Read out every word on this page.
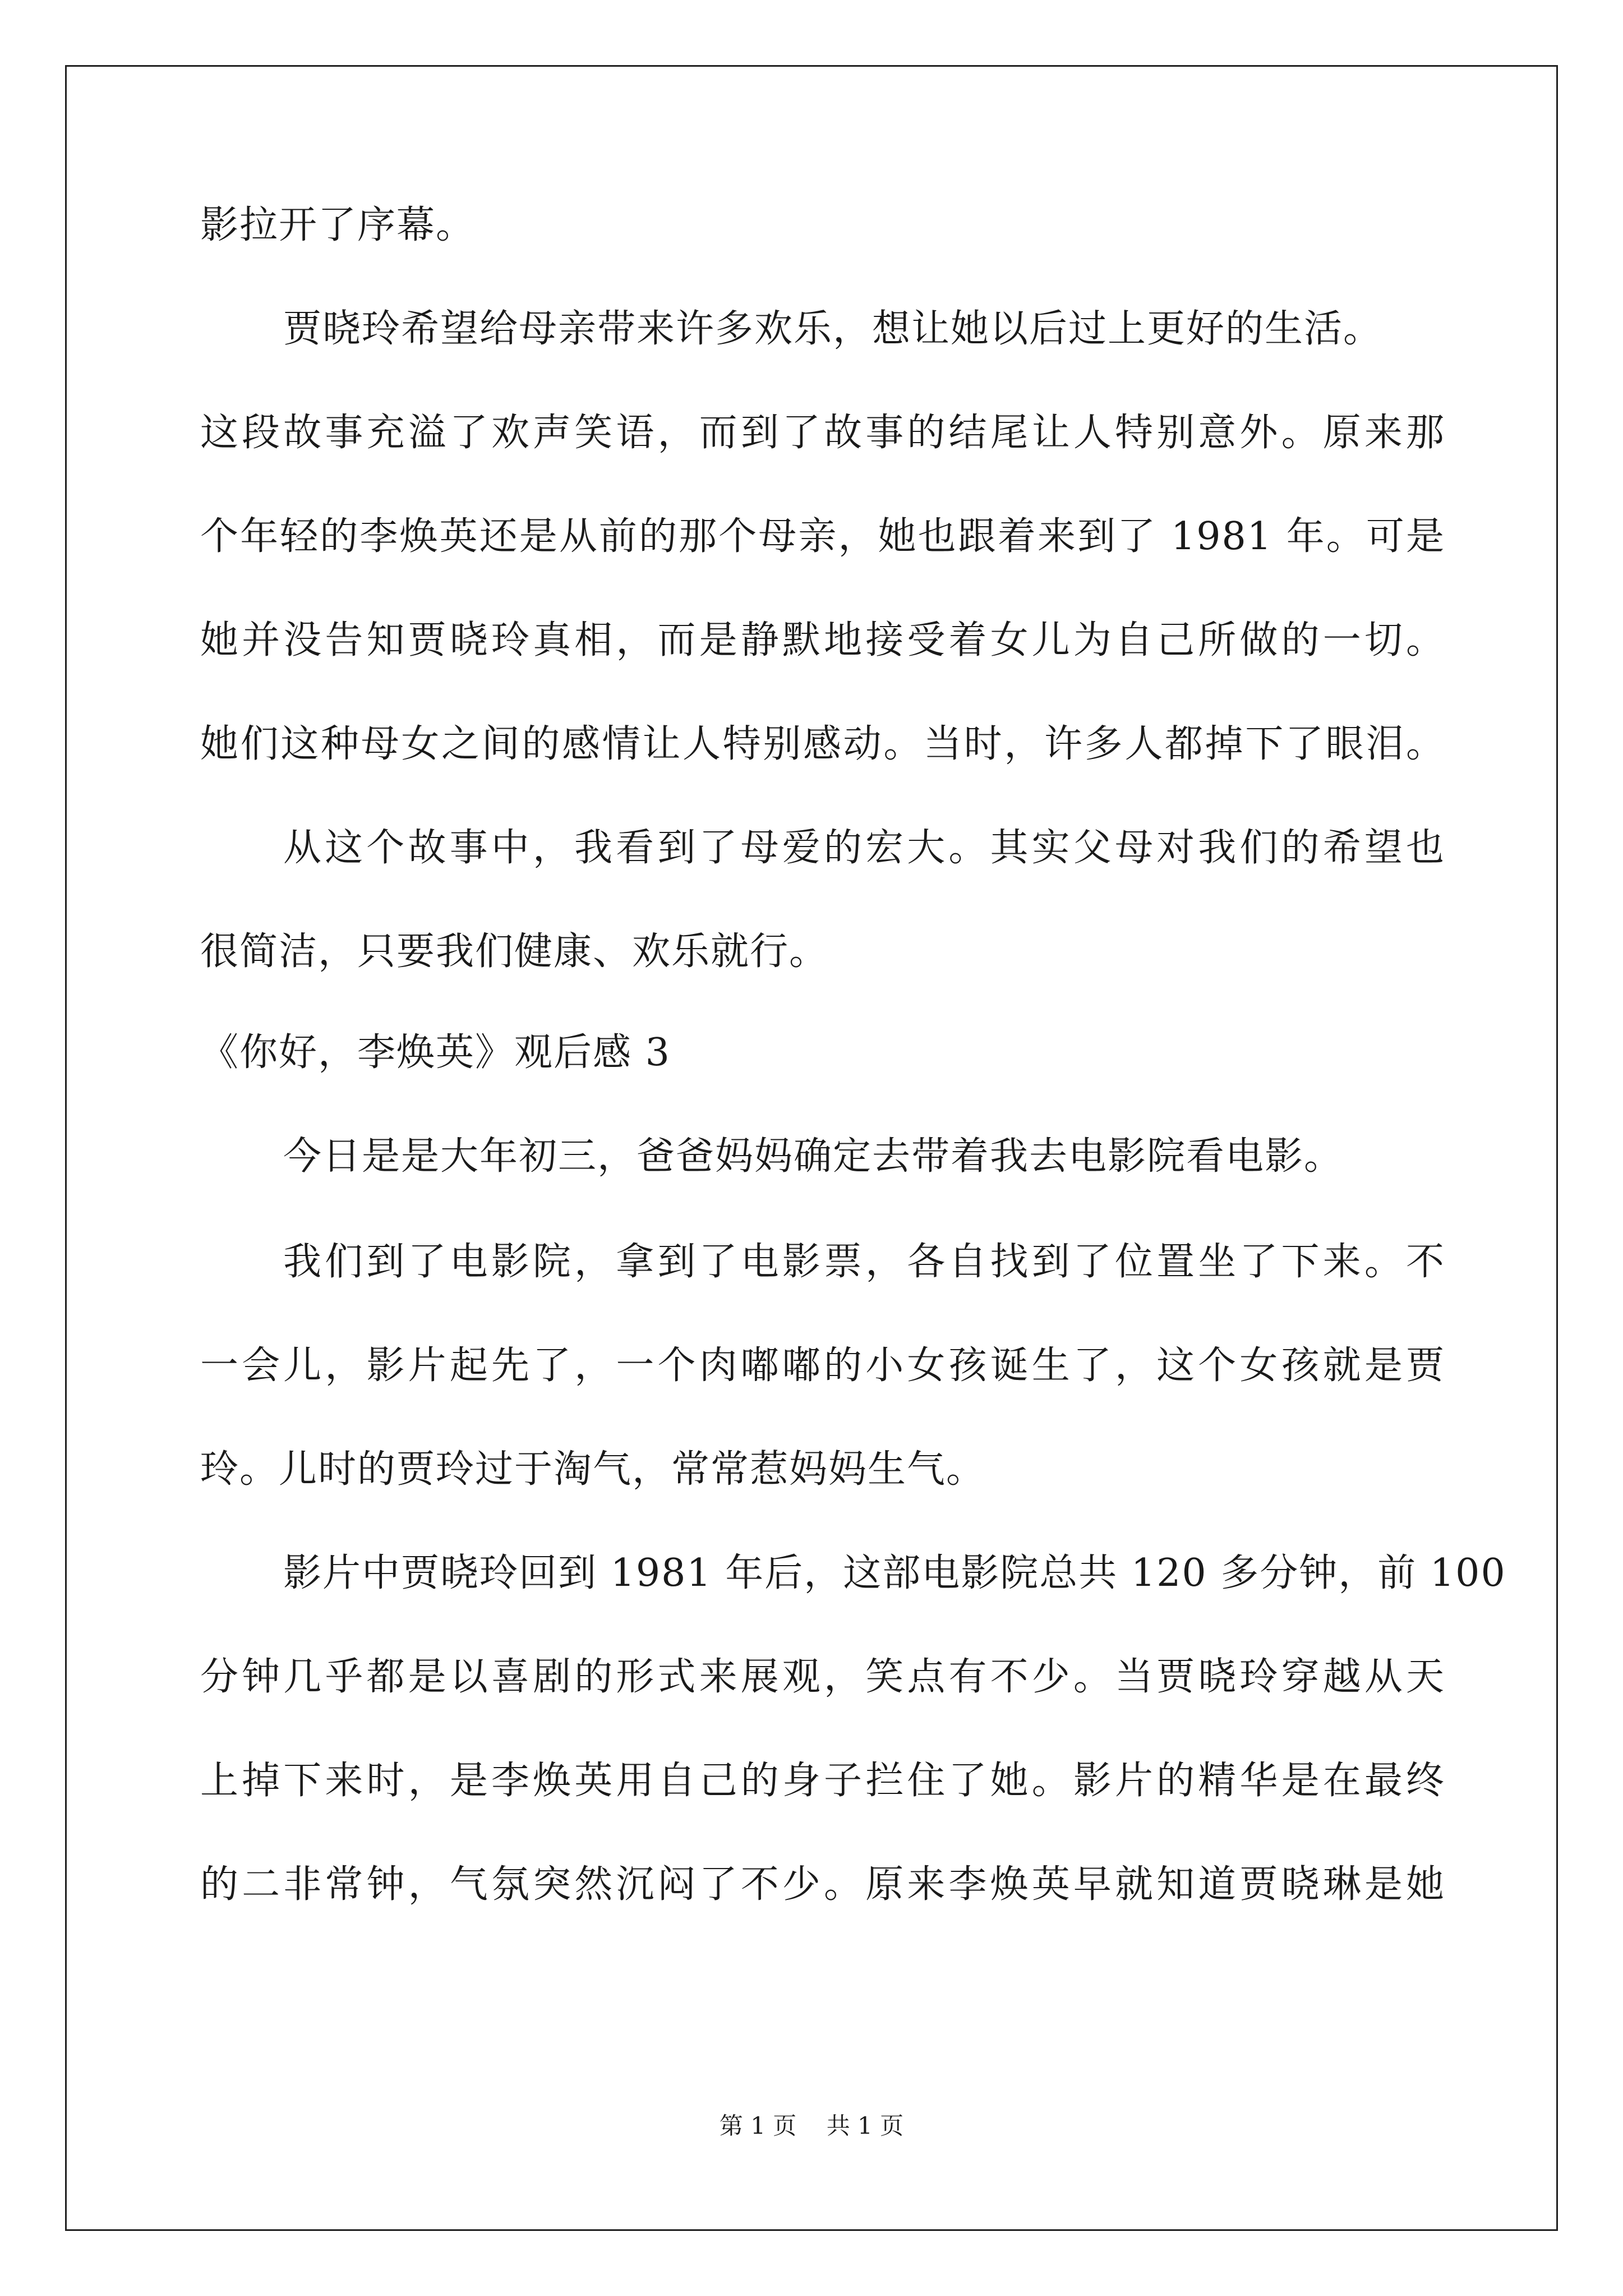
影拉开了序幕。
贾晓玲希望给母亲带来许多欢乐，想让她以后过上更好的生活。
这段故事充溢了欢声笑语，而到了故事的结尾让人特别意外。原来那
个年轻的李焕英还是从前的那个母亲，她也跟着来到了 1981 年。可是
她并没告知贾晓玲真相，而是静默地接受着女儿为自己所做的一切。
她们这种母女之间的感情让人特别感动。当时，许多人都掉下了眼泪。
从这个故事中，我看到了母爱的宏大。其实父母对我们的希望也
很简洁，只要我们健康、欢乐就行。
《你好，李焕英》观后感 3
今日是是大年初三，爸爸妈妈确定去带着我去电影院看电影。
我们到了电影院，拿到了电影票，各自找到了位置坐了下来。不
一会儿，影片起先了，一个肉嘟嘟的小女孩诞生了，这个女孩就是贾
玲。儿时的贾玲过于淘气，常常惹妈妈生气。
影片中贾晓玲回到 1981 年后，这部电影院总共 120 多分钟，前 100
分钟几乎都是以喜剧的形式来展观，笑点有不少。当贾晓玲穿越从天
上掉下来时，是李焕英用自己的身子拦住了她。影片的精华是在最终
的二非常钟，气氛突然沉闷了不少。原来李焕英早就知道贾晓琳是她
第 1 页    共 1 页
